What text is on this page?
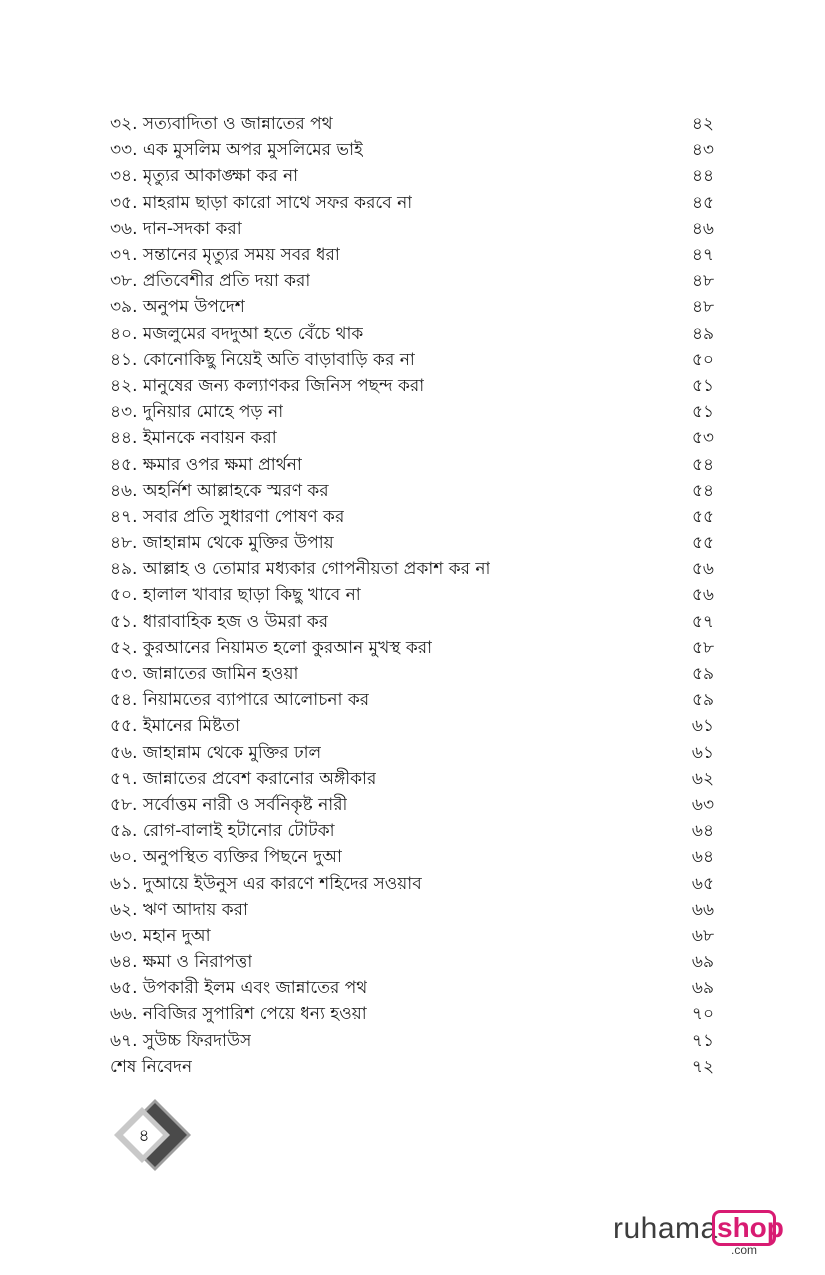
৩২. সত্যবাদিতা ও জান্নাতের পথ	৪২
৩৩. এক মুসলিম অপর মুসলিমের ভাই	৪৩
৩৪. মৃত্যুর আকাঙ্ক্ষা কর না	৪৪
৩৫. মাহরাম ছাড়া কারো সাথে সফর করবে না	৪৫
৩৬. দান-সদকা করা	৪৬
৩৭. সন্তানের মৃত্যুর সময় সবর ধরা	৪৭
৩৮. প্রতিবেশীর প্রতি দয়া করা	৪৮
৩৯. অনুপম উপদেশ	৪৮
৪০. মজলুমের বদদুআ হতে বেঁচে থাক	৪৯
৪১. কোনোকিছু নিয়েই অতি বাড়াবাড়ি কর না	৫০
৪২. মানুষের জন্য কল্যাণকর জিনিস পছন্দ করা	৫১
৪৩. দুনিয়ার মোহে পড় না	৫১
৪৪. ইমানকে নবায়ন করা	৫৩
৪৫. ক্ষমার ওপর ক্ষমা প্রার্থনা	৫৪
৪৬. অহর্নিশ আল্লাহকে স্মরণ কর	৫৪
৪৭. সবার প্রতি সুধারণা পোষণ কর	৫৫
৪৮. জাহান্নাম থেকে মুক্তির উপায়	৫৫
৪৯. আল্লাহ ও তোমার মধ্যকার গোপনীয়তা প্রকাশ কর না	৫৬
৫০. হালাল খাবার ছাড়া কিছু খাবে না	৫৬
৫১. ধারাবাহিক হজ ও উমরা কর	৫৭
৫২. কুরআনের নিয়ামত হলো কুরআন মুখস্থ করা	৫৮
৫৩. জান্নাতের জামিন হওয়া	৫৯
৫৪. নিয়ামতের ব্যাপারে আলোচনা কর	৫৯
৫৫. ইমানের মিষ্টতা	৬১
৫৬. জাহান্নাম থেকে মুক্তির ঢাল	৬১
৫৭. জান্নাতের প্রবেশ করানোর অঙ্গীকার	৬২
৫৮. সর্বোত্তম নারী ও সর্বনিকৃষ্ট নারী	৬৩
৫৯. রোগ-বালাই হটানোর টোটকা	৬৪
৬০. অনুপস্থিত ব্যক্তির পিছনে দুআ	৬৪
৬১. দুআয়ে ইউনুস এর কারণে শহিদের সওয়াব	৬৫
৬২. ঋণ আদায় করা	৬৬
৬৩. মহান দুআ	৬৮
৬৪. ক্ষমা ও নিরাপত্তা	৬৯
৬৫. উপকারী ইলম এবং জান্নাতের পথ	৬৯
৬৬. নবিজির সুপারিশ পেয়ে ধন্য হওয়া	৭০
৬৭. সুউচ্চ ফিরদাউস	৭১
শেষ নিবেদন	৭২
৪
ruhama shop
.com
